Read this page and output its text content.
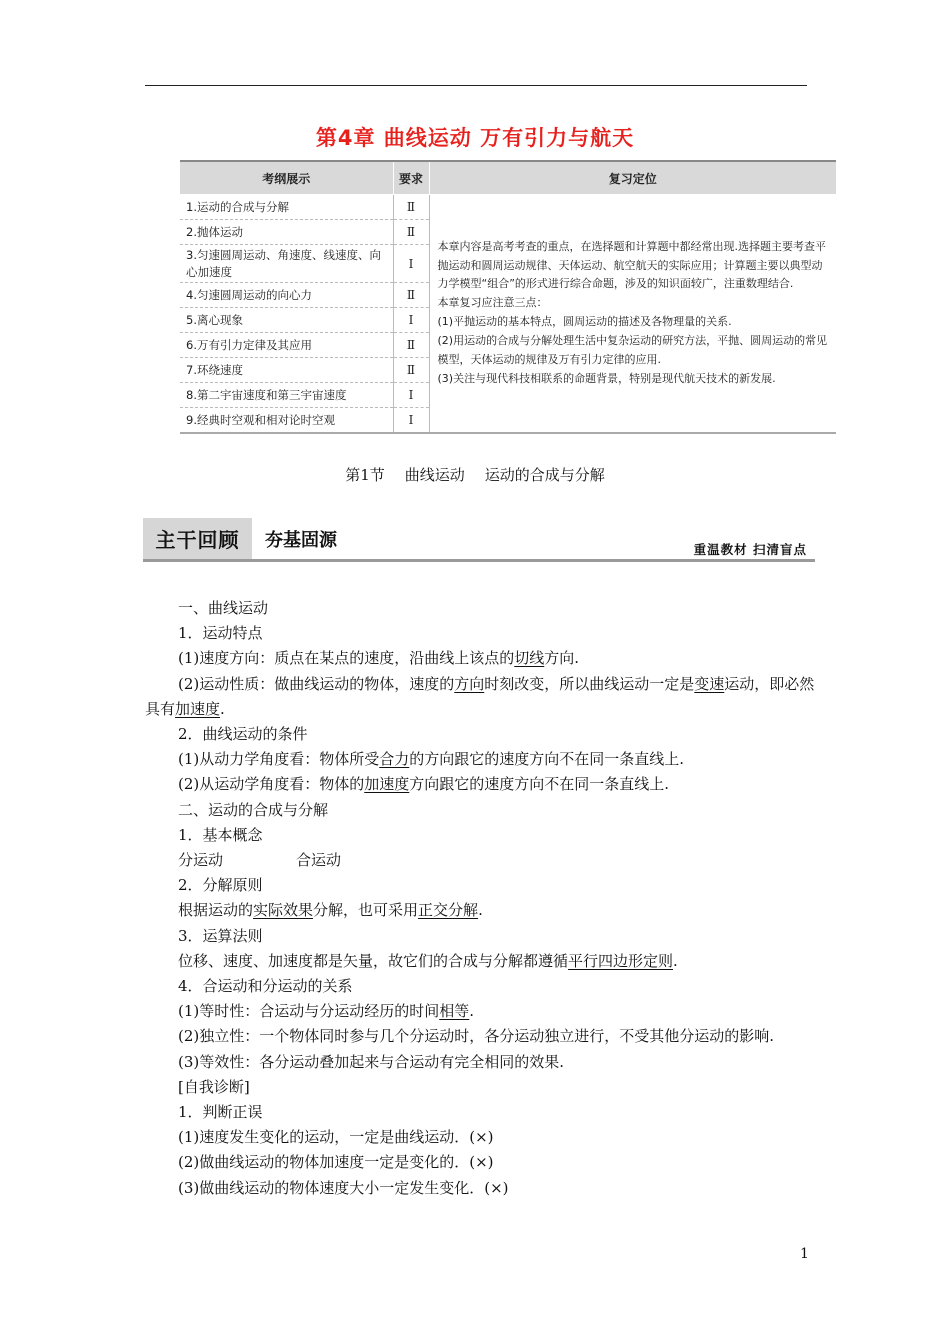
第4章 曲线运动 万有引力与航天
考纲展示	要求	复习定位
1.运动的合成与分解	Ⅱ	本章内容是高考考查的重点，在选择题和计算题中都经常出现.选择题主要考查平抛运动和圆周运动规律、天体运动、航空航天的实际应用；计算题主要以典型动力学模型“组合”的形式进行综合命题，涉及的知识面较广，注重数理结合.
本章复习应注意三点：
(1)平抛运动的基本特点，圆周运动的描述及各物理量的关系.
(2)用运动的合成与分解处理生活中复杂运动的研究方法，平抛、圆周运动的常见模型，天体运动的规律及万有引力定律的应用.
(3)关注与现代科技相联系的命题背景，特别是现代航天技术的新发展.

2.抛体运动	Ⅱ	
3.匀速圆周运动、角速度、线速度、向心加速度	Ⅰ	
4.匀速圆周运动的向心力	Ⅱ	
5.离心现象	Ⅰ	
6.万有引力定律及其应用	Ⅱ	
7.环绕速度	Ⅱ	
8.第二宇宙速度和第三宇宙速度	Ⅰ	
9.经典时空观和相对论时空观	Ⅰ	
第1节 曲线运动 运动的合成与分解
主干回顾	夯基固源	重温教材 扫清盲点

一、曲线运动

1．运动特点

(1)速度方向：质点在某点的速度，沿曲线上该点的切线方向.

(2)运动性质：做曲线运动的物体，速度的方向时刻改变，所以曲线运动一定是变速运动，即必然具有加速度.

2．曲线运动的条件

(1)从动力学角度看：物体所受合力的方向跟它的速度方向不在同一条直线上.

(2)从运动学角度看：物体的加速度方向跟它的速度方向不在同一条直线上.

二、运动的合成与分解

1．基本概念

分运动	合运动

2．分解原则

根据运动的实际效果分解，也可采用正交分解.

3．运算法则

位移、速度、加速度都是矢量，故它们的合成与分解都遵循平行四边形定则.

4．合运动和分运动的关系

(1)等时性：合运动与分运动经历的时间相等.

(2)独立性：一个物体同时参与几个分运动时，各分运动独立进行，不受其他分运动的影响.

(3)等效性：各分运动叠加起来与合运动有完全相同的效果.

[自我诊断]

1．判断正误

(1)速度发生变化的运动，一定是曲线运动．(×)

(2)做曲线运动的物体加速度一定是变化的．(×)

(3)做曲线运动的物体速度大小一定发生变化．(×)

1
